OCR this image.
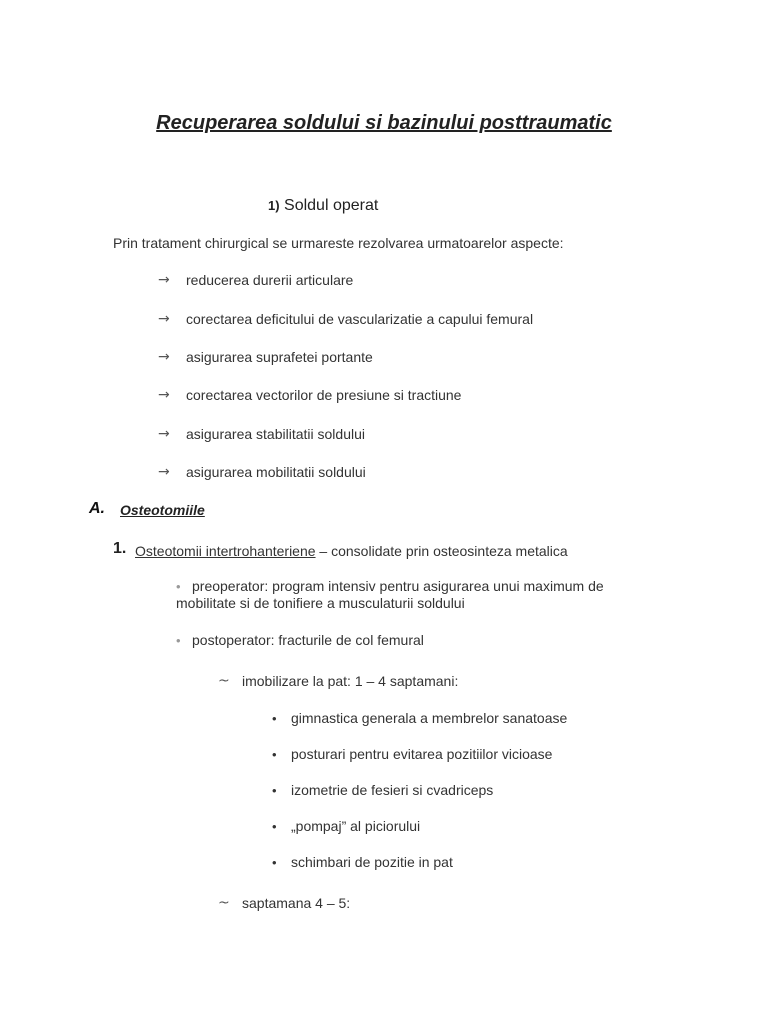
Recuperarea soldului si bazinului posttraumatic
1) Soldul operat
Prin tratament chirurgical se urmareste rezolvarea urmatoarelor aspecte:
→ reducerea durerii articulare
→ corectarea deficitului de vascularizatie a capului femural
→ asigurarea suprafetei portante
→ corectarea vectorilor de presiune si tractiune
→ asigurarea stabilitatii soldului
→ asigurarea mobilitatii soldului
A. Osteotomiile
1. Osteotomii intertrohanteriene – consolidate prin osteosinteza metalica
• preoperator: program intensiv pentru asigurarea unui maximum de mobilitate si de tonifiere a musculaturii soldului
• postoperator: fracturile de col femural
~ imobilizare la pat: 1 – 4 saptamani:
• gimnastica generala a membrelor sanatoase
• posturari pentru evitarea pozitiilor vicioase
• izometrie de fesieri si cvadriceps
• „pompaj” al piciorului
• schimbari de pozitie in pat
~ saptamana 4 – 5:
